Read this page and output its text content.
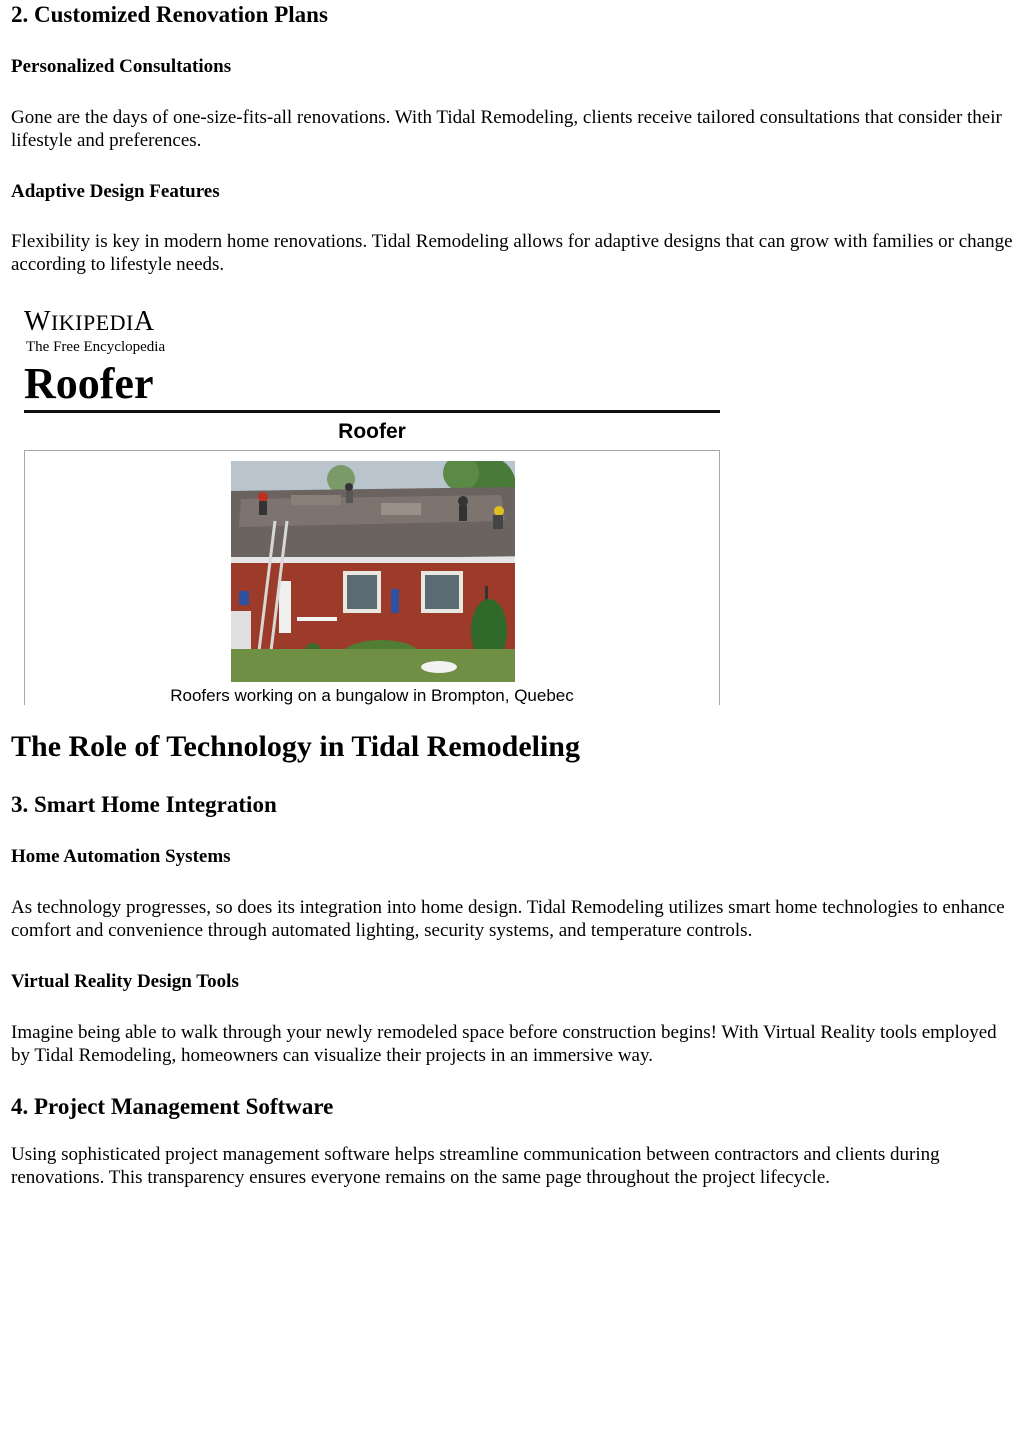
2. Customized Renovation Plans
Personalized Consultations

Gone are the days of one-size-fits-all renovations. With Tidal Remodeling, clients receive tailored consultations that consider their lifestyle and preferences.

Adaptive Design Features

Flexibility is key in modern home renovations. Tidal Remodeling allows for adaptive designs that can grow with families or change according to lifestyle needs.

WIKIPEDIA
The Free Encyclopedia
Roofer
Roofer
Roofers working on a bungalow in Brompton, Quebec
The Role of Technology in Tidal Remodeling
3. Smart Home Integration
Home Automation Systems

As technology progresses, so does its integration into home design. Tidal Remodeling utilizes smart home technologies to enhance comfort and convenience through automated lighting, security systems, and temperature controls.

Virtual Reality Design Tools

Imagine being able to walk through your newly remodeled space before construction begins! With Virtual Reality tools employed by Tidal Remodeling, homeowners can visualize their projects in an immersive way.

4. Project Management Software

Using sophisticated project management software helps streamline communication between contractors and clients during renovations. This transparency ensures everyone remains on the same page throughout the project lifecycle.
